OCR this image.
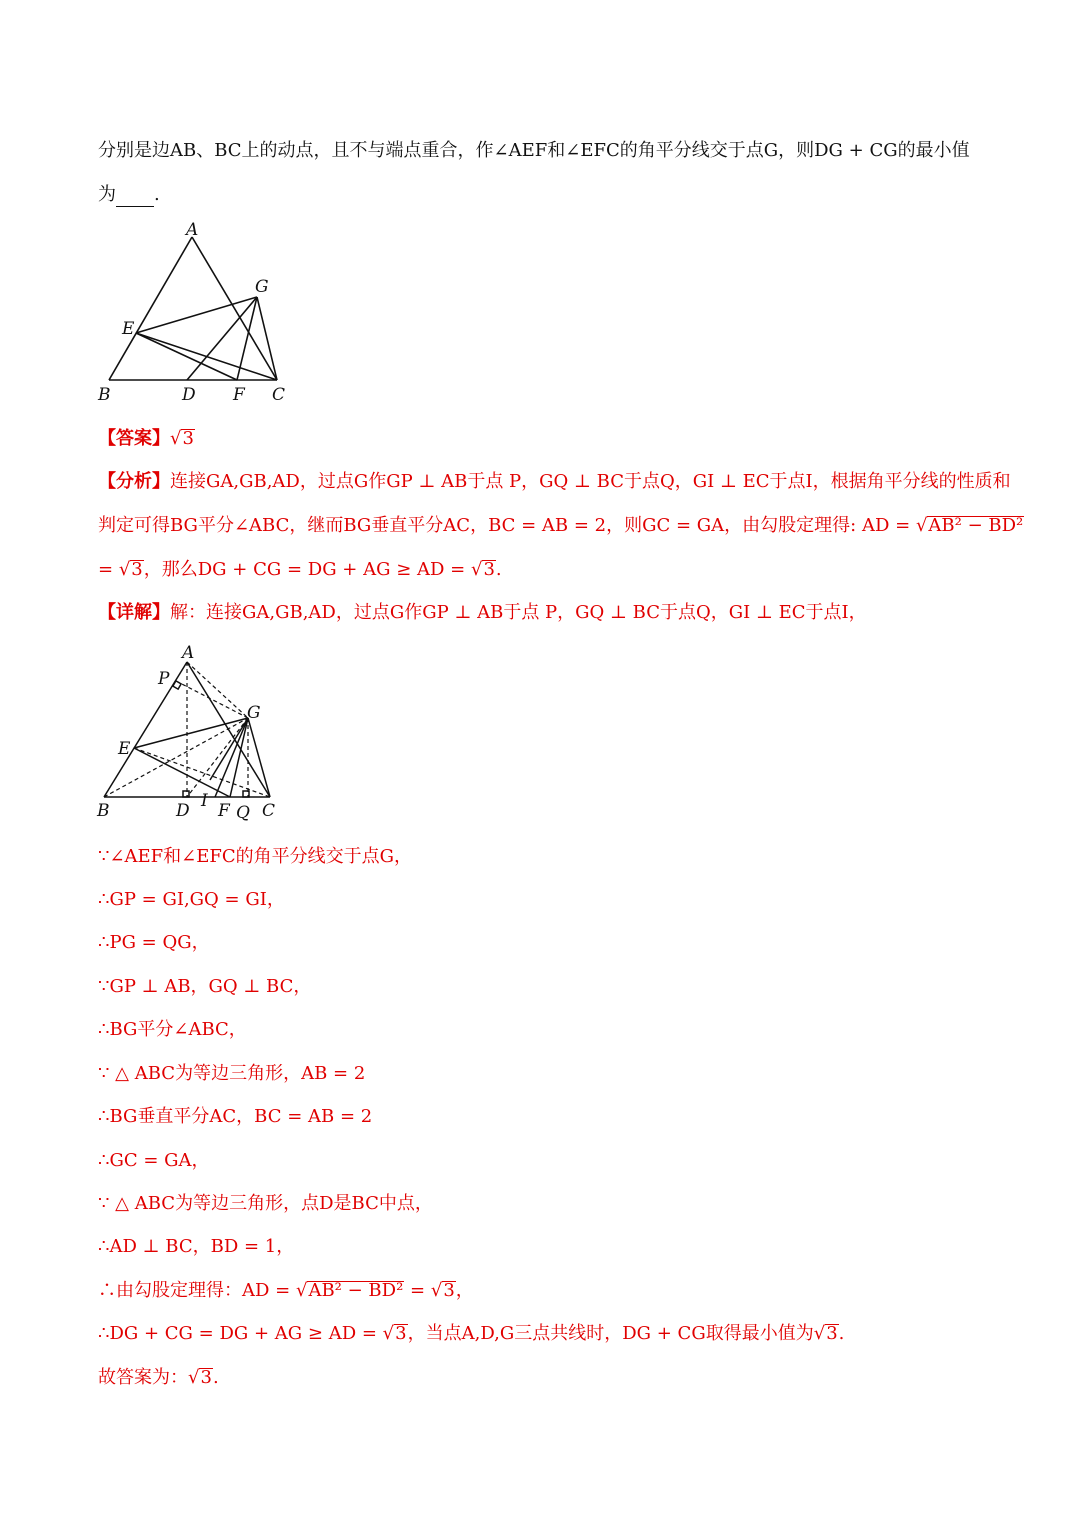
分别是边AB、BC上的动点，且不与端点重合，作∠AEF和∠EFC的角平分线交于点G，则DG + CG的最小值
为 .
A
G
E
B	D F C
【答案】√3
【分析】连接GA,GB,AD，过点G作GP ⊥ AB于点 P，GQ ⊥ BC于点Q，GI ⊥ EC于点I，根据角平分线的性质和
判定可得BG平分∠ABC，继而BG垂直平分AC，BC = AB = 2，则GC = GA，由勾股定理得: AD = √AB² − BD²
= √3，那么DG + CG = DG + AG ≥ AD = √3.
【详解】解：连接GA,GB,AD，过点G作GP ⊥ AB于点 P，GQ ⊥ BC于点Q，GI ⊥ EC于点I，
A
P
G
E
B	D I F Q C
∵∠AEF和∠EFC的角平分线交于点G，
∴GP = GI,GQ = GI，
∴PG = QG，
∵GP ⊥ AB，GQ ⊥ BC，
∴BG平分∠ABC，
∵ △ ABC为等边三角形，AB = 2
∴BG垂直平分AC，BC = AB = 2
∴GC = GA，
∵ △ ABC为等边三角形，点D是BC中点，
∴AD ⊥ BC，BD = 1，
∴由勾股定理得：AD = √AB² − BD² = √3，
∴DG + CG = DG + AG ≥ AD = √3，当点A,D,G三点共线时，DG + CG取得最小值为√3.
故答案为：√3.
